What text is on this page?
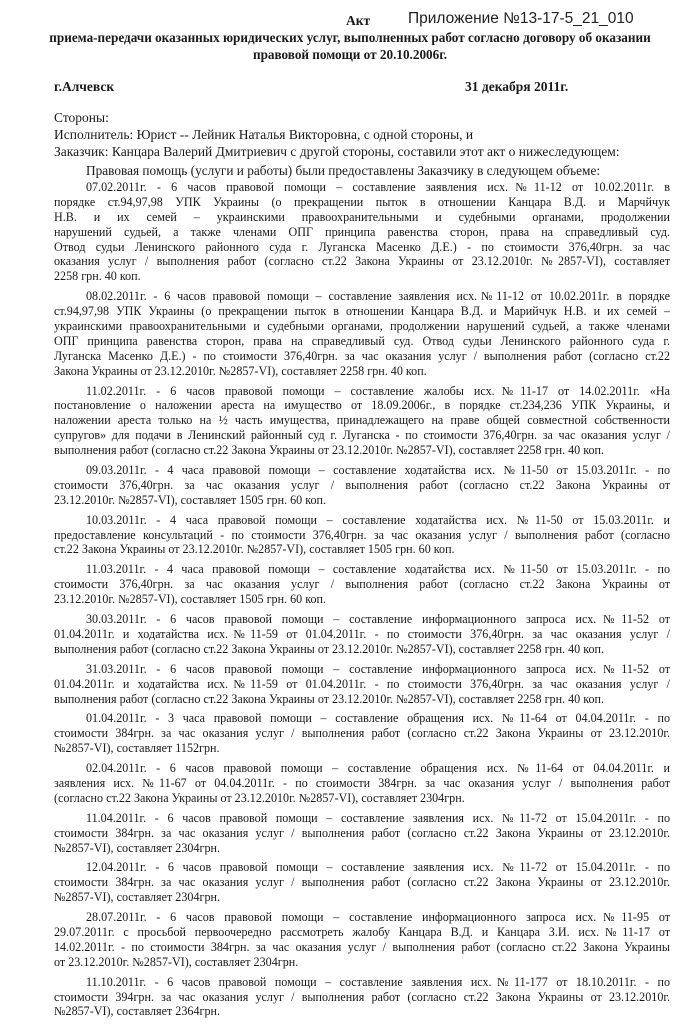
Акт Приложение №13-17-5_21_010
приема-передачи оказанных юридических услуг, выполненных работ согласно договору об оказании
правовой помощи от 20.10.2006г.
г.Алчевск	31 декабря 2011г.
Стороны:
Исполнитель: Юрист -- Лейник Наталья Викторовна, с одной стороны, и
Заказчик: Канцара Валерий Дмитриевич с другой стороны, составили этот акт о нижеследующем:
Правовая помощь (услуги и работы) были предоставлены Заказчику в следующем объеме:
07.02.2011г. - 6 часов правовой помощи – составление заявления исх.№11-12 от 10.02.2011г. в
порядке ст.94,97,98 УПК Украины (о прекращении пыток в отношении Канцара В.Д. и Марчйчук
Н.В. и их семей – украинскими правоохранительными и судебными органами, продолжении
нарушений судьей, а также членами ОПГ принципа равенства сторон, права на справедливый суд.
Отвод судьи Ленинского районного суда г. Луганска Масенко Д.Е.) - по стоимости 376,40грн. за час
оказания услуг / выполнения работ (согласно ст.22 Закона Украины от 23.12.2010г. №2857-VI), составляет
2258 грн. 40 коп.
08.02.2011г. - 6 часов правовой помощи – составление заявления исх.№11-12 от 10.02.2011г. в порядке
ст.94,97,98 УПК Украины (о прекращении пыток в отношении Канцара В.Д. и Марийчук Н.В. и их семей –
украинскими правоохранительными и судебными органами, продолжении нарушений судьей, а также членами
ОПГ принципа равенства сторон, права на справедливый суд. Отвод судьи Ленинского районного суда г.
Луганска Масенко Д.Е.) - по стоимости 376,40грн. за час оказания услуг / выполнения работ (согласно ст.22
Закона Украины от 23.12.2010г. №2857-VI), составляет 2258 грн. 40 коп.
11.02.2011г. - 6 часов правовой помощи – составление жалобы исх.№11-17 от 14.02.2011г. «На
постановление о наложении ареста на имущество от 18.09.2006г., в порядке ст.234,236 УПК Украины, и
наложении ареста только на ½ часть имущества, принадлежащего на праве общей совместной собственности
супругов» для подачи в Ленинский районный суд г. Луганска - по стоимости 376,40грн. за час оказания услуг /
выполнения работ (согласно ст.22 Закона Украины от 23.12.2010г. №2857-VI), составляет 2258 грн. 40 коп.
09.03.2011г. - 4 часа правовой помощи – составление ходатайства исх. №11-50 от 15.03.2011г. - по
стоимости 376,40грн. за час оказания услуг / выполнения работ (согласно ст.22 Закона Украины от
23.12.2010г. №2857-VI), составляет 1505 грн. 60 коп.
10.03.2011г. - 4 часа правовой помощи – составление ходатайства исх. №11-50 от 15.03.2011г. и
предоставление консультаций - по стоимости 376,40грн. за час оказания услуг / выполнения работ (согласно
ст.22 Закона Украины от 23.12.2010г. №2857-VI), составляет 1505 грн. 60 коп.
11.03.2011г. - 4 часа правовой помощи – составление ходатайства исх. №11-50 от 15.03.2011г. - по
стоимости 376,40грн. за час оказания услуг / выполнения работ (согласно ст.22 Закона Украины от
23.12.2010г. №2857-VI), составляет 1505 грн. 60 коп.
30.03.2011г. - 6 часов правовой помощи – составление информационного запроса исх.№11-52 от
01.04.2011г. и ходатайства исх.№11-59 от 01.04.2011г. - по стоимости 376,40грн. за час оказания услуг /
выполнения работ (согласно ст.22 Закона Украины от 23.12.2010г. №2857-VI), составляет 2258 грн. 40 коп.
31.03.2011г. - 6 часов правовой помощи – составление информационного запроса исх.№11-52 от
01.04.2011г. и ходатайства исх.№11-59 от 01.04.2011г. - по стоимости 376,40грн. за час оказания услуг /
выполнения работ (согласно ст.22 Закона Украины от 23.12.2010г. №2857-VI), составляет 2258 грн. 40 коп.
01.04.2011г. - 3 часа правовой помощи – составление обращения исх. №11-64 от 04.04.2011г. - по
стоимости 384грн. за час оказания услуг / выполнения работ (согласно ст.22 Закона Украины от 23.12.2010г.
№2857-VI), составляет 1152грн.
02.04.2011г. - 6 часов правовой помощи – составление обращения исх. №11-64 от 04.04.2011г. и
заявления исх. №11-67 от 04.04.2011г. - по стоимости 384грн. за час оказания услуг / выполнения работ
(согласно ст.22 Закона Украины от 23.12.2010г. №2857-VI), составляет 2304грн.
11.04.2011г. - 6 часов правовой помощи – составление заявления исх. №11-72 от 15.04.2011г. - по
стоимости 384грн. за час оказания услуг / выполнения работ (согласно ст.22 Закона Украины от 23.12.2010г.
№2857-VI), составляет 2304грн.
12.04.2011г. - 6 часов правовой помощи – составление заявления исх. №11-72 от 15.04.2011г. - по
стоимости 384грн. за час оказания услуг / выполнения работ (согласно ст.22 Закона Украины от 23.12.2010г.
№2857-VI), составляет 2304грн.
28.07.2011г. - 6 часов правовой помощи – составление информационного запроса исх.№11-95 от
29.07.2011г. с просьбой первоочередно рассмотреть жалобу Канцара В.Д. и Канцара З.И. исх.№11-17 от
14.02.2011г. - по стоимости 384грн. за час оказания услуг / выполнения работ (согласно ст.22 Закона Украины
от 23.12.2010г. №2857-VI), составляет 2304грн.
11.10.2011г. - 6 часов правовой помощи – составление заявления исх.№11-177 от 18.10.2011г. - по
стоимости 394грн. за час оказания услуг / выполнения работ (согласно ст.22 Закона Украины от 23.12.2010г.
№2857-VI), составляет 2364грн.
